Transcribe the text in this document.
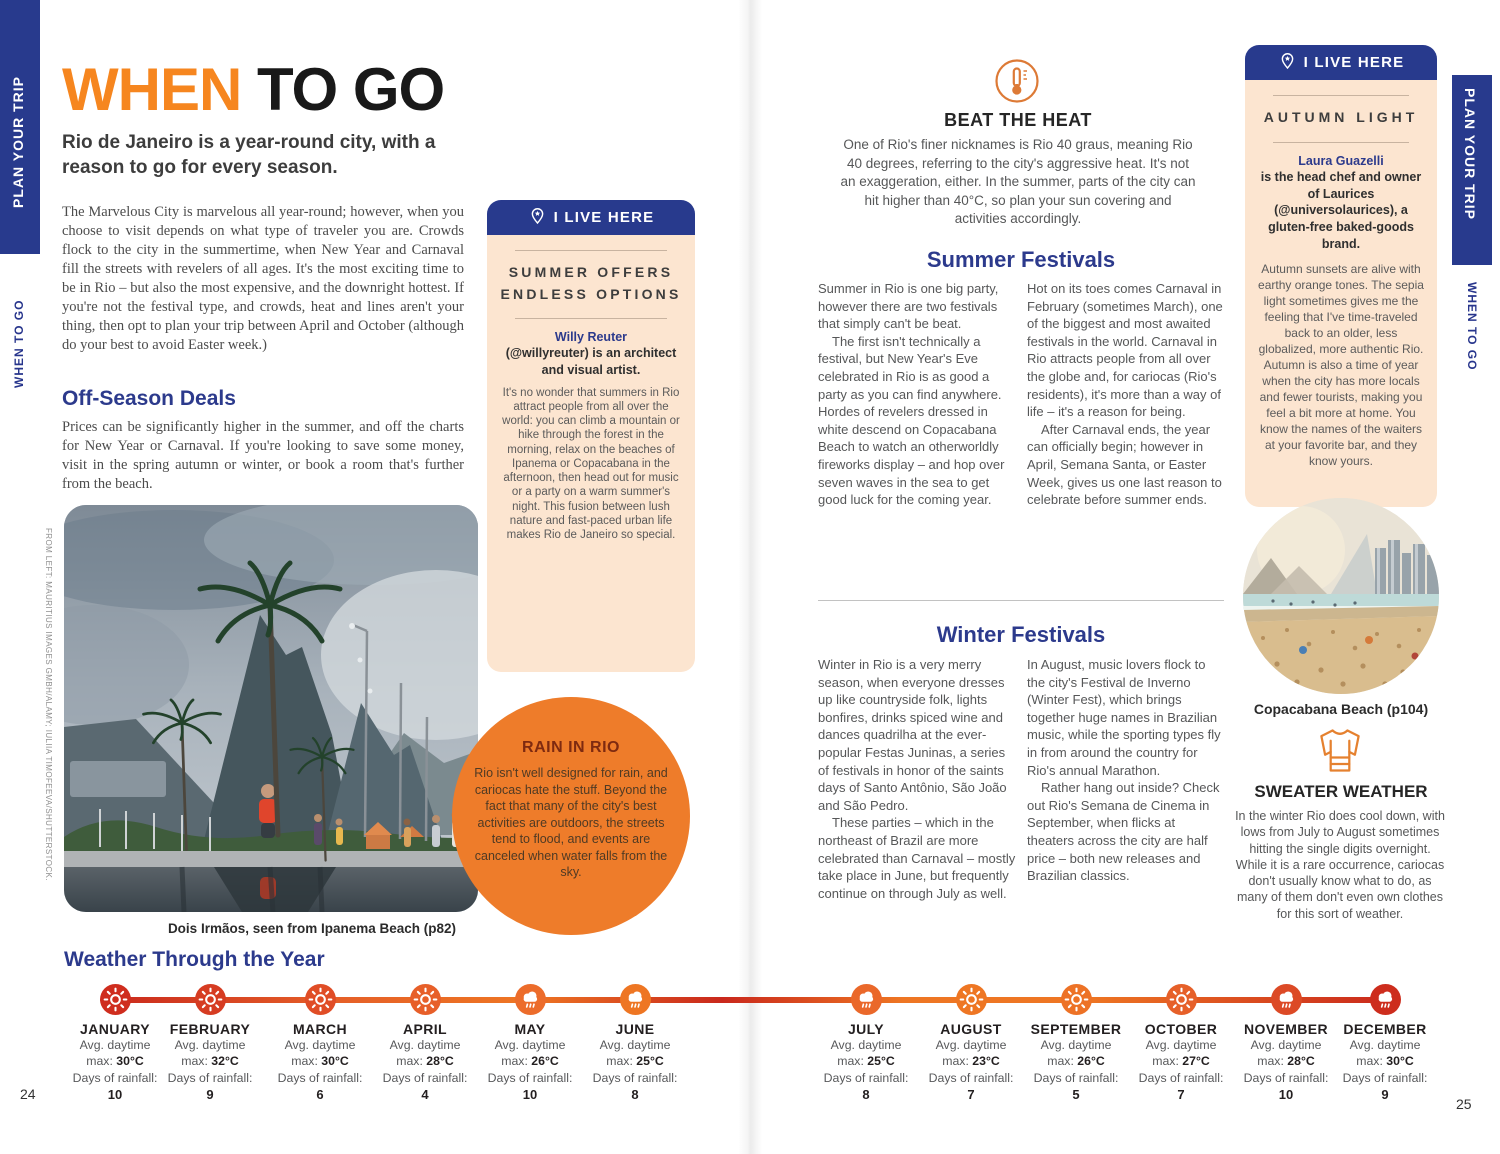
PLAN YOUR TRIP
WHEN TO GO
PLAN YOUR TRIP
WHEN TO GO
WHEN TO GO
Rio de Janeiro is a year-round city, with a reason to go for every season.

The Marvelous City is marvelous all year-round; however, when you choose to visit depends on what type of traveler you are. Crowds flock to the city in the summertime, when New Year and Carnaval fill the streets with revelers of all ages. It's the most exciting time to be in Rio – but also the most expensive, and the downright hottest. If you're not the festival type, and crowds, heat and lines aren't your thing, then opt to plan your trip between April and October (although do your best to avoid Easter week.)

Off-Season Deals

Prices can be significantly higher in the summer, and off the charts for New Year or Carnaval. If you're looking to save some money, visit in the spring autumn or winter, or book a room that's further from the beach.

FROM LEFT: MAURITIUS IMAGES GMBH/ALAMY; IULIIA TIMOFEEVA/SHUTTERSTOCK.
Dois Irmãos, seen from Ipanema Beach (p82)
I LIVE HERE
SUMMER OFFERS ENDLESS OPTIONS
Willy Reuter
(@willyreuter) is an architect and visual artist.
It's no wonder that summers in Rio attract people from all over the world: you can climb a mountain or hike through the forest in the morning, relax on the beaches of Ipanema or Copacabana in the afternoon, then head out for music or a party on a warm summer's night. This fusion between lush nature and fast-paced urban life makes Rio de Janeiro so special.
RAIN IN RIO
Rio isn't well designed for rain, and cariocas hate the stuff. Beyond the fact that many of the city's best activities are outdoors, the streets tend to flood, and events are canceled when water falls from the sky.
Weather Through the Year
BEAT THE HEAT
One of Rio's finer nicknames is Rio 40 graus, meaning Rio 40 degrees, referring to the city's aggressive heat. It's not an exaggeration, either. In the summer, parts of the city can hit higher than 40°C, so plan your sun covering and activities accordingly.
Summer Festivals

Summer in Rio is one big party, however there are two festivals that simply can't be beat.

The first isn't technically a festival, but New Year's Eve celebrated in Rio is as good a party as you can find anywhere. Hordes of revelers dressed in white descend on Copacabana Beach to watch an otherworldly fireworks display – and hop over seven waves in the sea to get good luck for the coming year.

Hot on its toes comes Carnaval in February (sometimes March), one of the biggest and most awaited festivals in the world. Carnaval in Rio attracts people from all over the globe and, for cariocas (Rio's residents), it's more than a way of life – it's a reason for being.

After Carnaval ends, the year can officially begin; however in April, Semana Santa, or Easter Week, gives us one last reason to celebrate before summer ends.

Winter Festivals

Winter in Rio is a very merry season, when everyone dresses up like countryside folk, lights bonfires, drinks spiced wine and dances quadrilha at the ever-popular Festas Juninas, a series of festivals in honor of the saints days of Santo Antônio, São João and São Pedro.

These parties – which in the northeast of Brazil are more celebrated than Carnaval – mostly take place in June, but frequently continue on through July as well.

In August, music lovers flock to the city's Festival de Inverno (Winter Fest), which brings together huge names in Brazilian music, while the sporting types fly in from around the country for Rio's annual Marathon.

Rather hang out inside? Check out Rio's Semana de Cinema in September, when flicks at theaters across the city are half price – both new releases and Brazilian classics.

I LIVE HERE
AUTUMN LIGHT
Laura Guazelli
is the head chef and owner of Laurices (@universolaurices), a gluten-free baked-goods brand.
Autumn sunsets are alive with earthy orange tones. The sepia light sometimes gives me the feeling that I've time-traveled back to an older, less globalized, more authentic Rio. Autumn is also a time of year when the city has more locals and fewer tourists, making you feel a bit more at home. You know the names of the waiters at your favorite bar, and they know yours.
Copacabana Beach (p104)
SWEATER WEATHER
In the winter Rio does cool down, with lows from July to August sometimes hitting the single digits overnight. While it is a rare occurrence, cariocas don't usually know what to do, as many of them don't even own clothes for this sort of weather.
JANUARY
Avg. daytime
max: 30°C
Days of rainfall:
10
FEBRUARY
Avg. daytime
max: 32°C
Days of rainfall:
9
MARCH
Avg. daytime
max: 30°C
Days of rainfall:
6
APRIL
Avg. daytime
max: 28°C
Days of rainfall:
4
MAY
Avg. daytime
max: 26°C
Days of rainfall:
10
JUNE
Avg. daytime
max: 25°C
Days of rainfall:
8
JULY
Avg. daytime
max: 25°C
Days of rainfall:
8
AUGUST
Avg. daytime
max: 23°C
Days of rainfall:
7
SEPTEMBER
Avg. daytime
max: 26°C
Days of rainfall:
5
OCTOBER
Avg. daytime
max: 27°C
Days of rainfall:
7
NOVEMBER
Avg. daytime
max: 28°C
Days of rainfall:
10
DECEMBER
Avg. daytime
max: 30°C
Days of rainfall:
9
24
25
